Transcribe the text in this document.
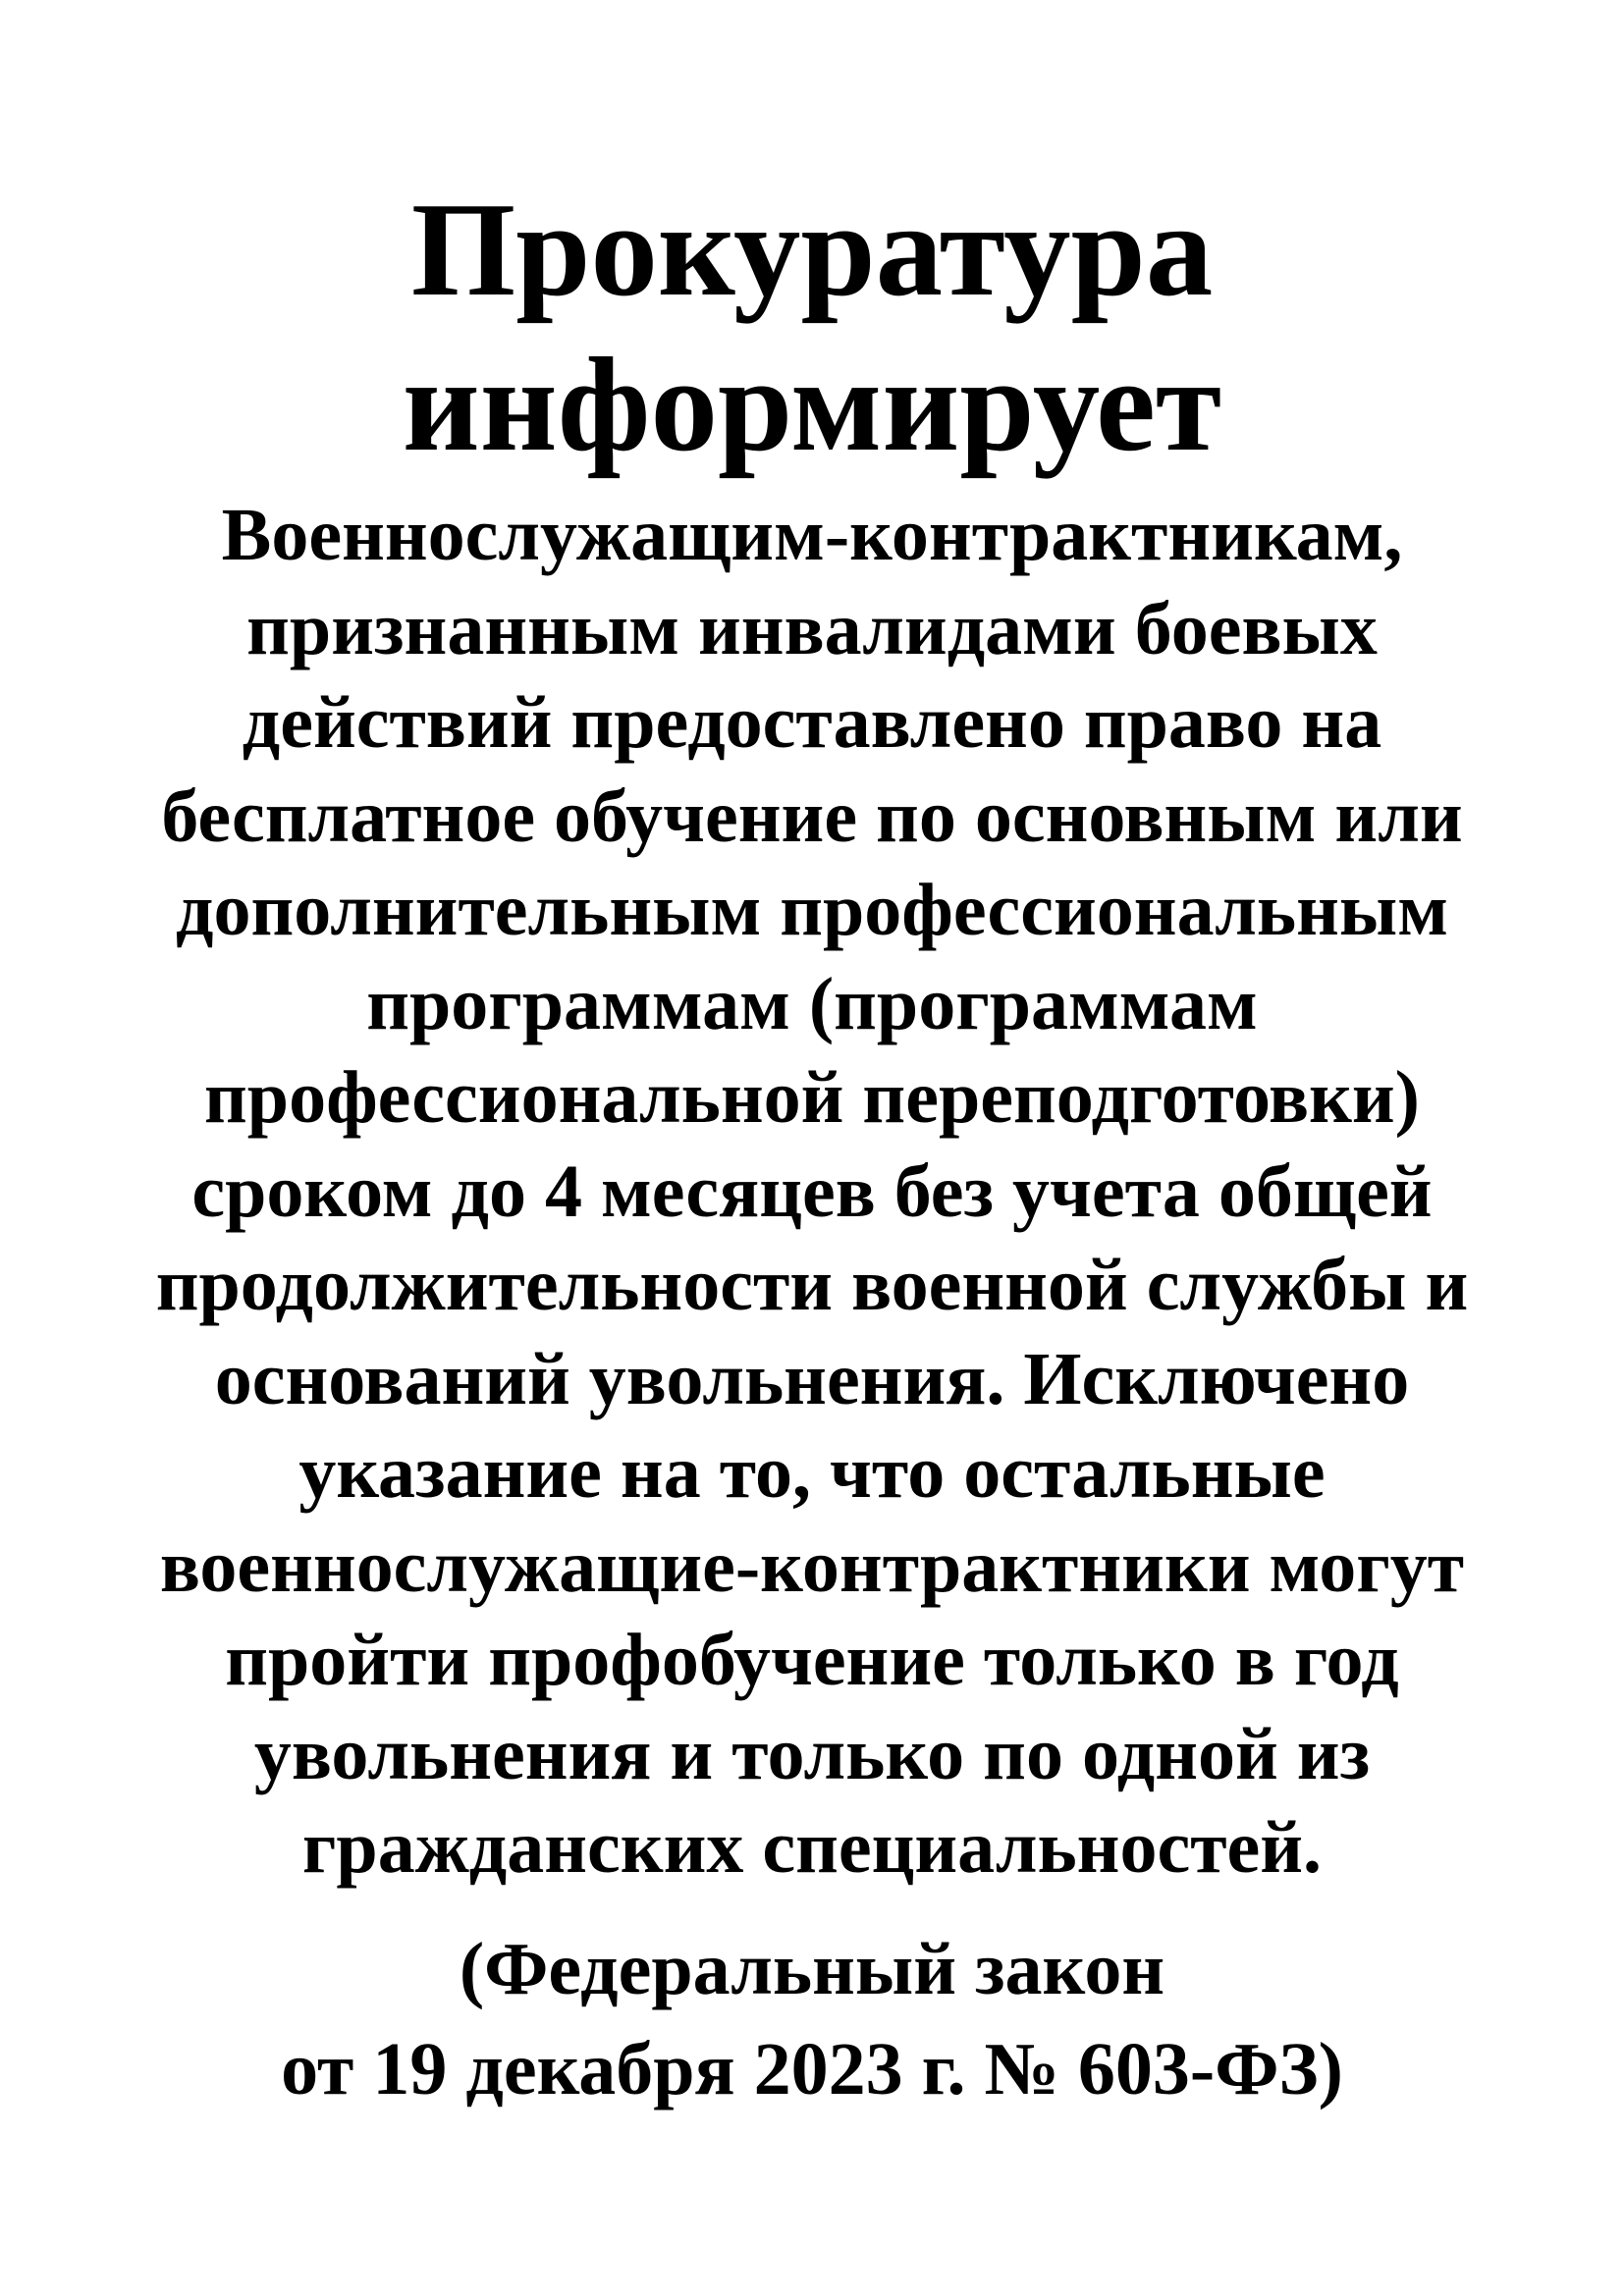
Прокуратура
информирует
Военнослужащим-контрактникам,
признанным инвалидами боевых
действий предоставлено право на
бесплатное обучение по основным или
дополнительным профессиональным
программам (программам
профессиональной переподготовки)
сроком до 4 месяцев без учета общей
продолжительности военной службы и
оснований увольнения. Исключено
указание на то, что остальные
военнослужащие-контрактники могут
пройти профобучение только в год
увольнения и только по одной из
гражданских специальностей.
(Федеральный закон
от 19 декабря 2023 г. № 603-ФЗ)
